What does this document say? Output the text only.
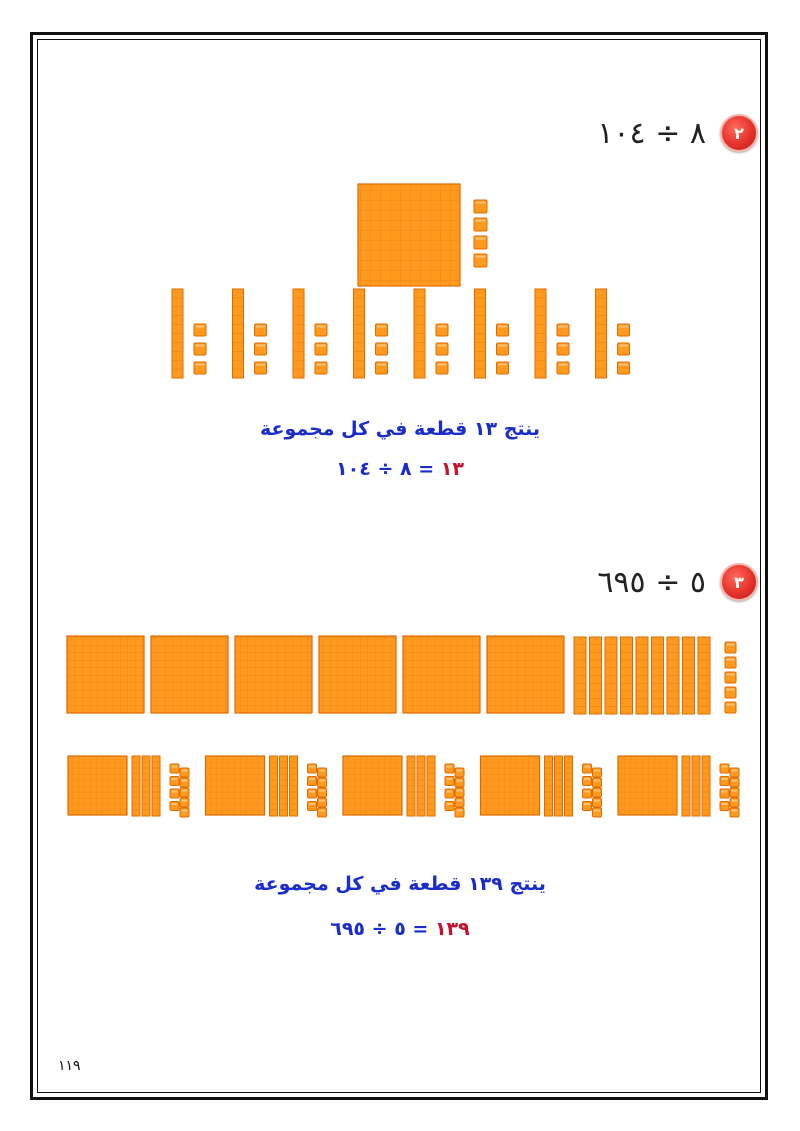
٨ ÷ ١٠٤	٢
٥ ÷ ٦٩٥	٣
ينتج ١٣ قطعة في كل مجموعة
١٣ = ٨ ÷ ١٠٤
ينتج ١٣٩ قطعة في كل مجموعة
١٣٩ = ٥ ÷ ٦٩٥
١١٩
